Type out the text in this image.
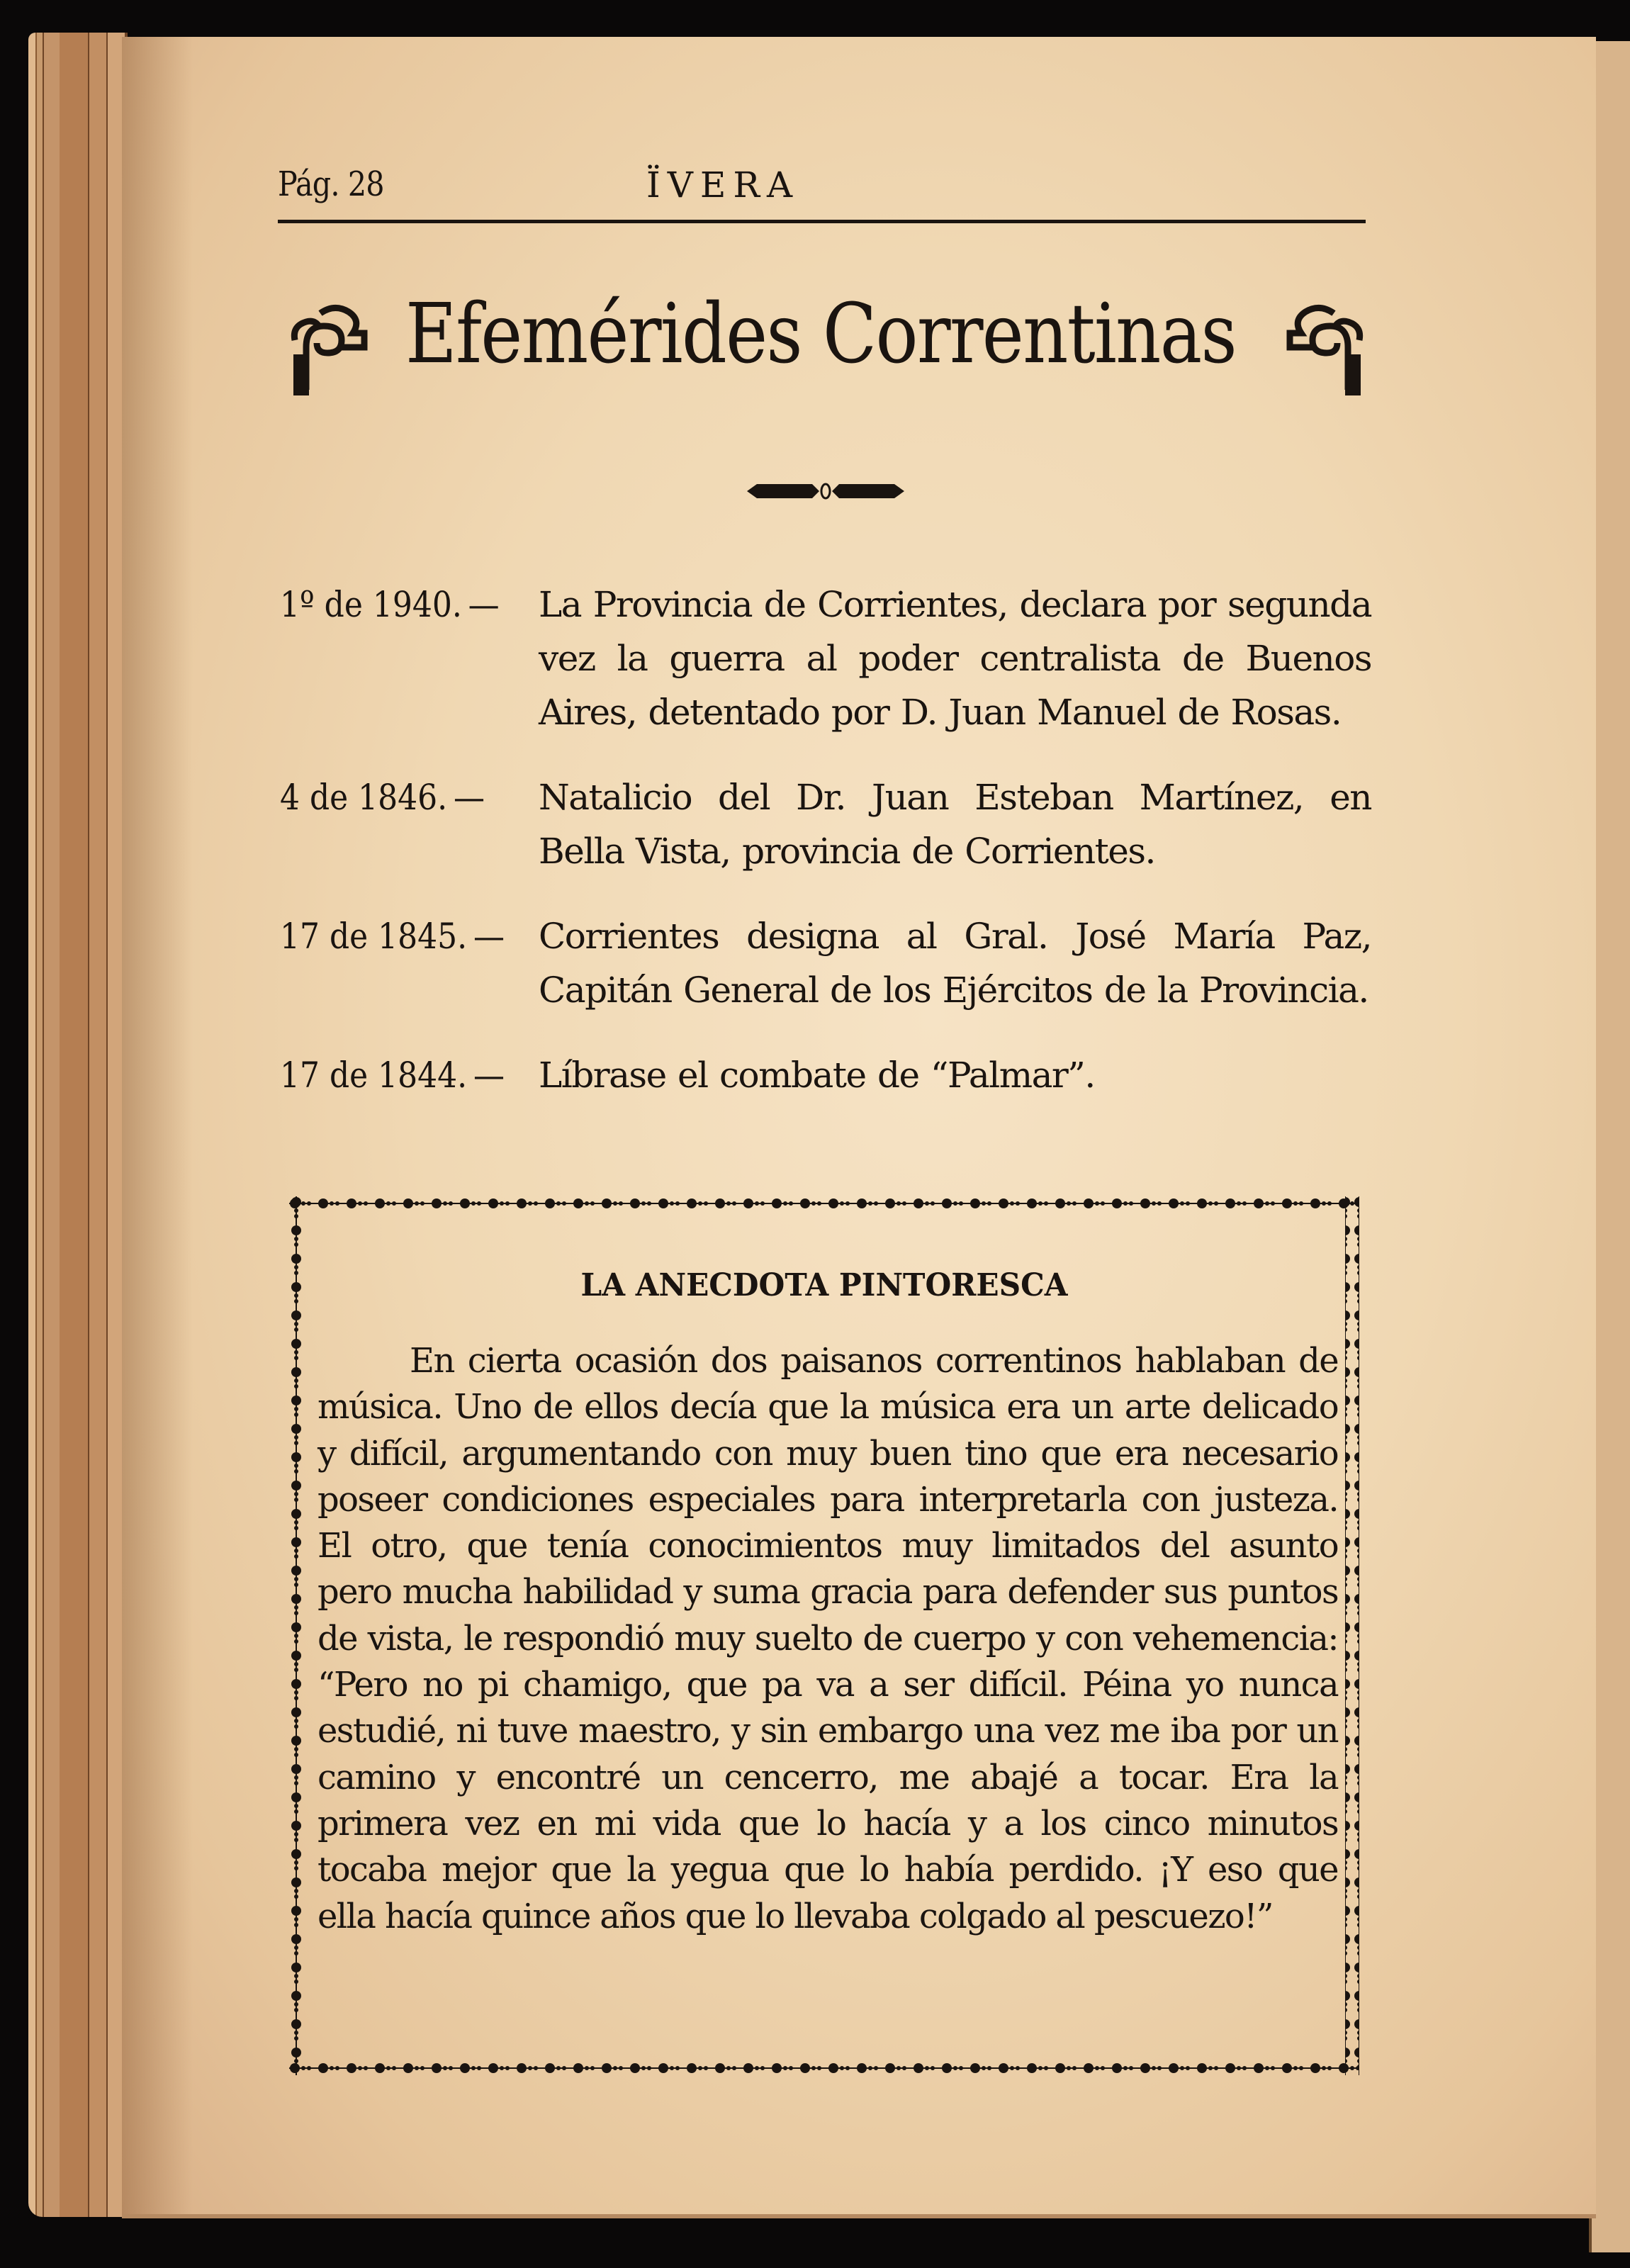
Pág. 28	ÏVERA
Efemérides Correntinas
1º de 1940. — La Provincia de Corrientes, declara por segunda vez la guerra al poder centralista de Buenos Aires, detentado por D. Juan Manuel de Rosas.
4 de 1846. —	Natalicio del Dr. Juan Esteban Martínez, en Bella Vista, provincia de Corrientes.
17 de 1845. — Corrientes designa al Gral. José María Paz, Capitán General de los Ejércitos de la Provincia.
17 de 1844. — Líbrase el combate de “Palmar”.
LA ANECDOTA PINTORESCA
En cierta ocasión dos paisanos correntinos hablaban de música. Uno de ellos decía que la música era un arte delicado y difícil, argumentando con muy buen tino que era necesario poseer condiciones especiales para interpretarla con justeza. El otro, que tenía conocimientos muy limitados del asunto pero mucha habilidad y suma gracia para defender sus puntos de vista, le respondió muy suelto de cuerpo y con vehemencia: “Pero no pi chamigo, que pa va a ser difícil. Péina yo nunca estudié, ni tuve maestro, y sin embargo una vez me iba por un camino y encontré un cencerro, me abajé a tocar. Era la primera vez en mi vida que lo hacía y a los cinco minutos tocaba mejor que la yegua que lo había perdido. ¡Y eso que ella hacía quince años que lo llevaba colgado al pescuezo!”
